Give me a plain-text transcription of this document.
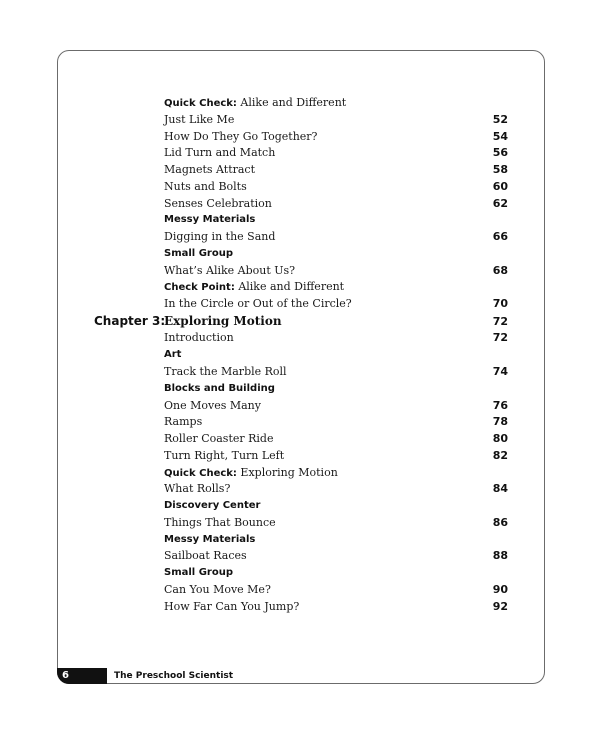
Quick Check: Alike and Different
Just Like Me	52
How Do They Go Together?	54
Lid Turn and Match	56
Magnets Attract	58
Nuts and Bolts	60
Senses Celebration	62
Messy Materials
Digging in the Sand	66
Small Group
What’s Alike About Us?	68
Check Point: Alike and Different
In the Circle or Out of the Circle?	70
Chapter 3:
Exploring Motion	72
Introduction	72
Art
Track the Marble Roll	74
Blocks and Building
One Moves Many	76
Ramps	78
Roller Coaster Ride	80
Turn Right, Turn Left	82
Quick Check: Exploring Motion
What Rolls?	84
Discovery Center
Things That Bounce	86
Messy Materials
Sailboat Races	88
Small Group
Can You Move Me?	90
How Far Can You Jump?	92
6	The Preschool Scientist
